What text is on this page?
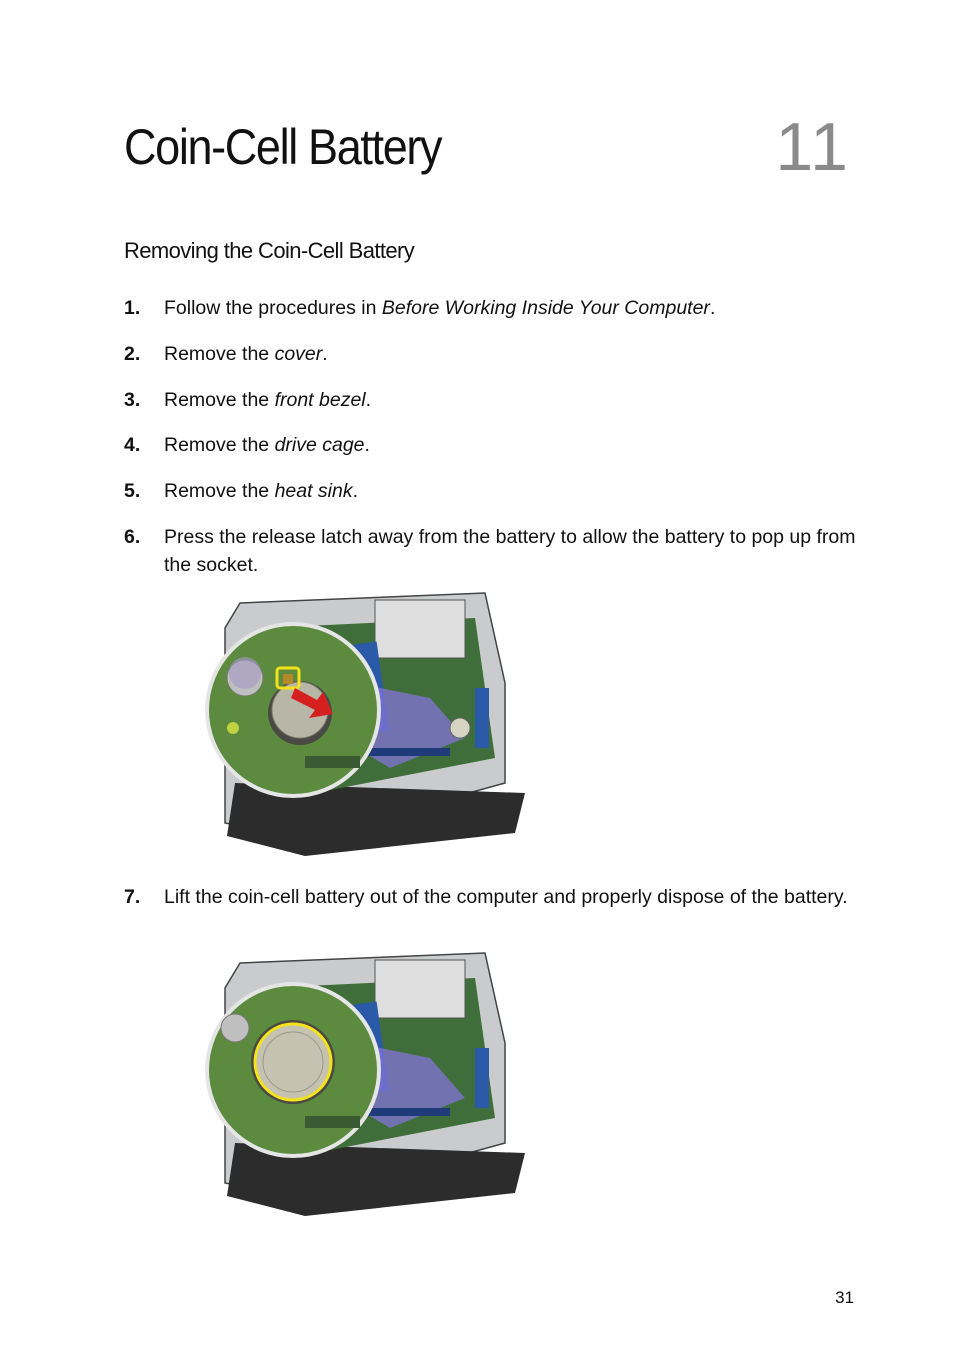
Coin-Cell Battery	11
Removing the Coin-Cell Battery
1. Follow the procedures in Before Working Inside Your Computer.
2. Remove the cover.
3. Remove the front bezel.
4. Remove the drive cage.
5. Remove the heat sink.
6. Press the release latch away from the battery to allow the battery to pop up from the socket.
7. Lift the coin-cell battery out of the computer and properly dispose of the battery.
31
